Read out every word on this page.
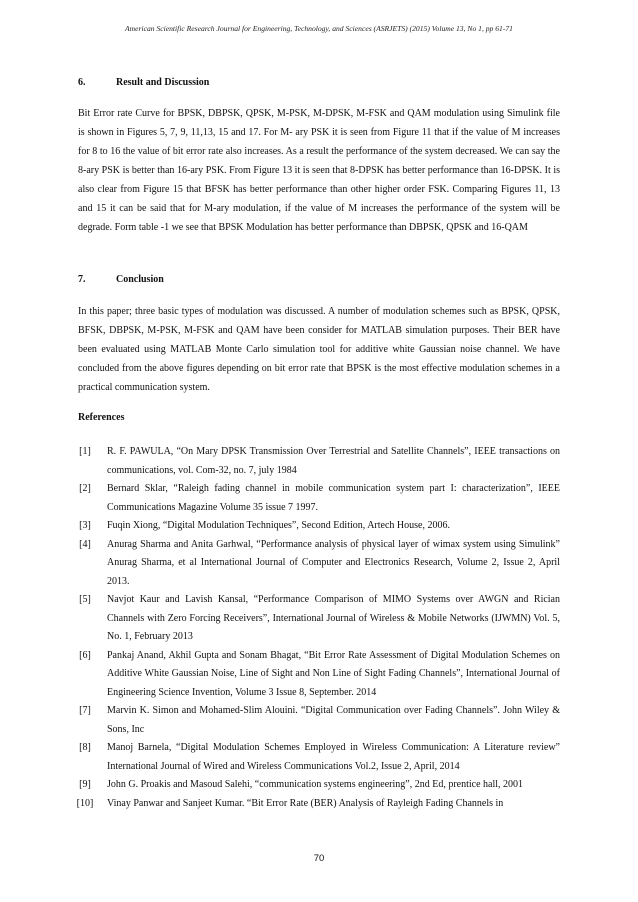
American Scientific Research Journal for Engineering, Technology, and Sciences (ASRJETS) (2015) Volume 13, No 1, pp 61-71
6.	Result and Discussion

Bit Error rate Curve for BPSK, DBPSK, QPSK, M-PSK, M-DPSK, M-FSK and QAM modulation using Simulink file is shown in Figures 5, 7, 9, 11,13, 15 and 17. For M- ary PSK it is seen from Figure 11 that if the value of M increases for 8 to 16 the value of bit error rate also increases. As a result the performance of the system decreased. We can say the 8-ary PSK is better than 16-ary PSK. From Figure 13 it is seen that 8-DPSK has better performance than 16-DPSK. It is also clear from Figure 15 that BFSK has better performance than other higher order FSK. Comparing Figures 11, 13 and 15 it can be said that for M-ary modulation, if the value of M increases the performance of the system will be degrade. Form table -1 we see that BPSK Modulation has better performance than DBPSK, QPSK and 16-QAM

7.	Conclusion

In this paper; three basic types of modulation was discussed. A number of modulation schemes such as BPSK, QPSK, BFSK, DBPSK, M-PSK, M-FSK and QAM have been consider for MATLAB simulation purposes. Their BER have been evaluated using MATLAB Monte Carlo simulation tool for additive white Gaussian noise channel. We have concluded from the above figures depending on bit error rate that BPSK is the most effective modulation schemes in a practical communication system.

References
[1]	R. F. PAWULA, “On Mary DPSK Transmission Over Terrestrial and Satellite Channels”, IEEE transactions on communications, vol. Com-32, no. 7, july 1984
[2]	Bernard Sklar, “Raleigh fading channel in mobile communication system part I: characterization”, IEEE Communications Magazine Volume 35 issue 7 1997.
[3]	Fuqin Xiong, “Digital Modulation Techniques”, Second Edition, Artech House, 2006.
[4]	Anurag Sharma and Anita Garhwal, “Performance analysis of physical layer of wimax system using Simulink” Anurag Sharma, et al International Journal of Computer and Electronics Research, Volume 2, Issue 2, April 2013.
[5]	Navjot Kaur and Lavish Kansal, “Performance Comparison of MIMO Systems over AWGN and Rician Channels with Zero Forcing Receivers”, International Journal of Wireless & Mobile Networks (IJWMN) Vol. 5, No. 1, February 2013
[6]	Pankaj Anand, Akhil Gupta and Sonam Bhagat, “Bit Error Rate Assessment of Digital Modulation Schemes on Additive White Gaussian Noise, Line of Sight and Non Line of Sight Fading Channels”, International Journal of Engineering Science Invention, Volume 3 Issue 8, September. 2014
[7]	Marvin K. Simon and Mohamed-Slim Alouini. “Digital Communication over Fading Channels”. John Wiley & Sons, Inc
[8]	Manoj Barnela, “Digital Modulation Schemes Employed in Wireless Communication: A Literature review” International Journal of Wired and Wireless Communications Vol.2, Issue 2, April, 2014
[9]	John G. Proakis and Masoud Salehi, “communication systems engineering”, 2nd Ed, prentice hall, 2001
[10]	Vinay Panwar and Sanjeet Kumar. “Bit Error Rate (BER) Analysis of Rayleigh Fading Channels in
70
